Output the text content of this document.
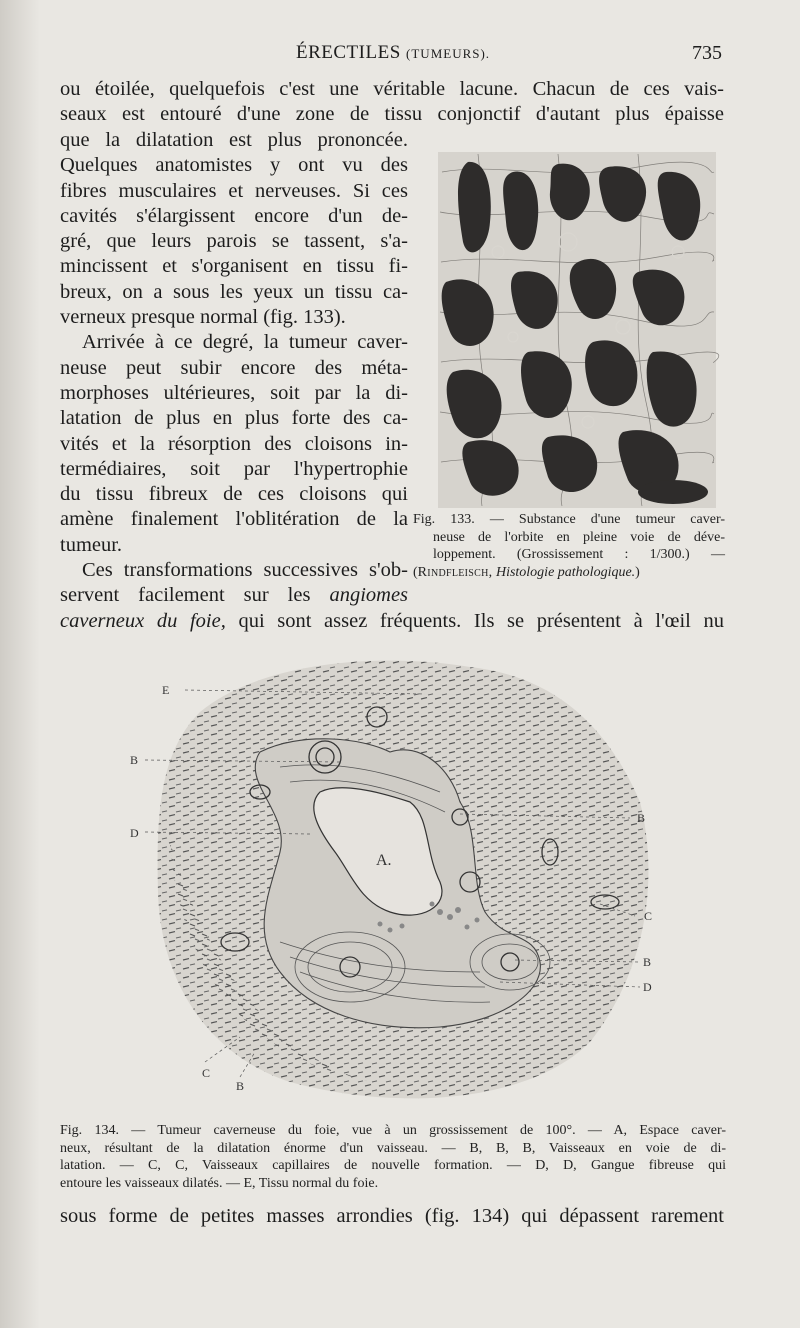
ÉRECTILES (TUMEURS).	735
ou étoilée, quelquefois c'est une véritable lacune. Chacun de ces vais-
seaux est entouré d'une zone de tissu conjonctif d'autant plus épaisse
que la dilatation est plus prononcée.
Quelques anatomistes y ont vu des
fibres musculaires et nerveuses. Si ces
cavités s'élargissent encore d'un de-
gré, que leurs parois se tassent, s'a-
mincissent et s'organisent en tissu fi-
breux, on a sous les yeux un tissu ca-
verneux presque normal (fig. 133).
Arrivée à ce degré, la tumeur caver-
neuse peut subir encore des méta-
morphoses ultérieures, soit par la di-
latation de plus en plus forte des ca-
vités et la résorption des cloisons in-
termédiaires, soit par l'hypertrophie
du tissu fibreux de ces cloisons qui
amène finalement l'oblitération de la
tumeur.
Ces transformations successives s'ob-
servent facilement sur les angiomes
caverneux du foie, qui sont assez fréquents. Ils se présentent à l'œil nu
Fig. 133. — Substance d'une tumeur caver-
neuse de l'orbite en pleine voie de déve-
loppement. (Grossissement : 1/300.) —
(Rindfleisch, Histologie pathologique.)
E
B
D
A.
B
C
B
D
C
B
Fig. 134. — Tumeur caverneuse du foie, vue à un grossissement de 100°. — A, Espace caver-
neux, résultant de la dilatation énorme d'un vaisseau. — B, B, B, Vaisseaux en voie de di-
latation. — C, C, Vaisseaux capillaires de nouvelle formation. — D, D, Gangue fibreuse qui
entoure les vaisseaux dilatés. — E, Tissu normal du foie.
sous forme de petites masses arrondies (fig. 134) qui dépassent rarement
